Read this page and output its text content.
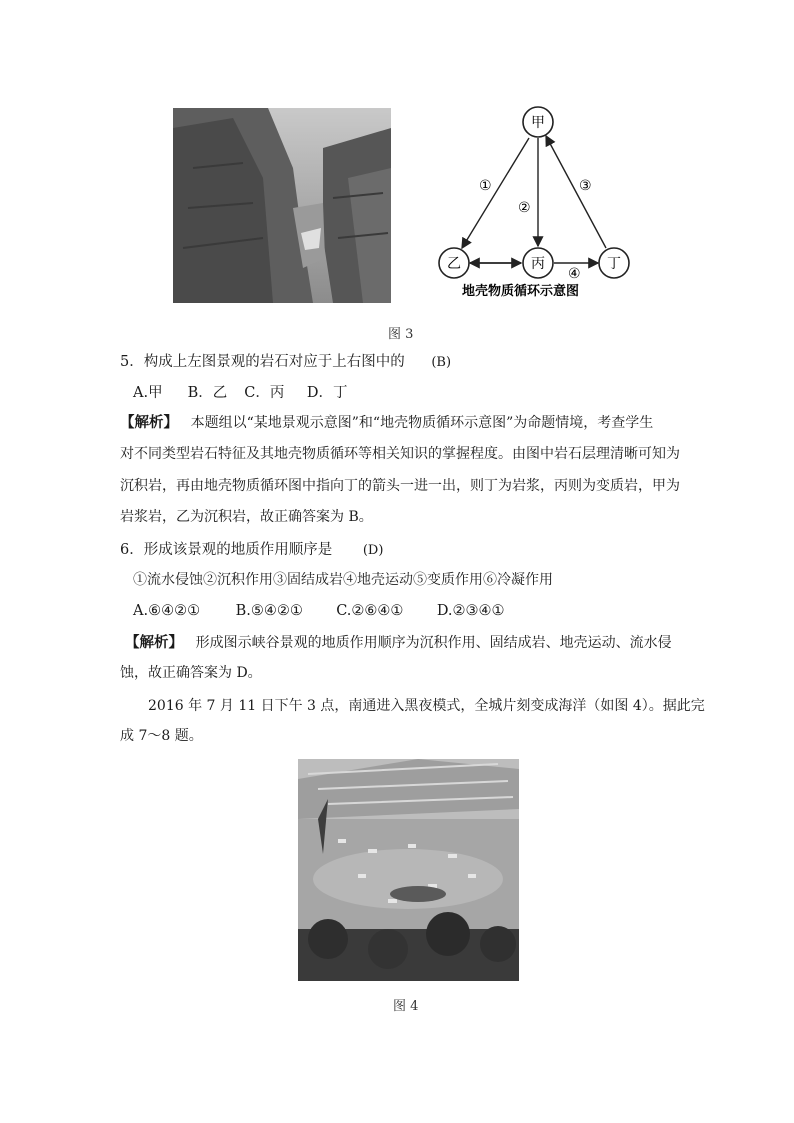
①
②
③
④
甲
乙	丙	丁
地壳物质循环示意图
图 3
5．构成上左图景观的岩石对应于上右图中的 (B)
A.甲 B．乙 C．丙 D．丁
【解析】 本题组以“某地景观示意图”和“地壳物质循环示意图”为命题情境，考查学生
对不同类型岩石特征及其地壳物质循环等相关知识的掌握程度。由图中岩石层理清晰可知为
沉积岩，再由地壳物质循环图中指向丁的箭头一进一出，则丁为岩浆，丙则为变质岩，甲为
岩浆岩，乙为沉积岩，故正确答案为 B。
6．形成该景观的地质作用顺序是 (D)
①流水侵蚀②沉积作用③固结成岩④地壳运动⑤变质作用⑥冷凝作用
A.⑥④②① B.⑤④②① C.②⑥④① D.②③④①
【解析】 形成图示峡谷景观的地质作用顺序为沉积作用、固结成岩、地壳运动、流水侵
蚀，故正确答案为 D。
2016 年 7 月 11 日下午 3 点，南通进入黑夜模式，全城片刻变成海洋（如图 4）。据此完
成 7～8 题。
图 4
